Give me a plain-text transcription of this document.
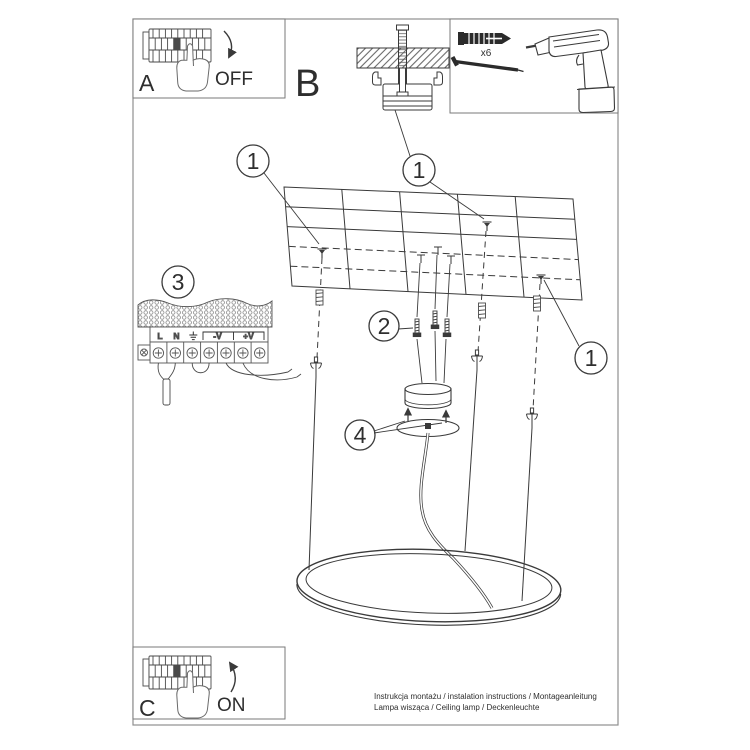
A	OFF B
x6
1	1
1
2
3
4
L N	-V	+V
C	ON	Instrukcja montażu / instalation instructions / Montageanleitung
Lampa wisząca / Ceiling lamp / Deckenleuchte
